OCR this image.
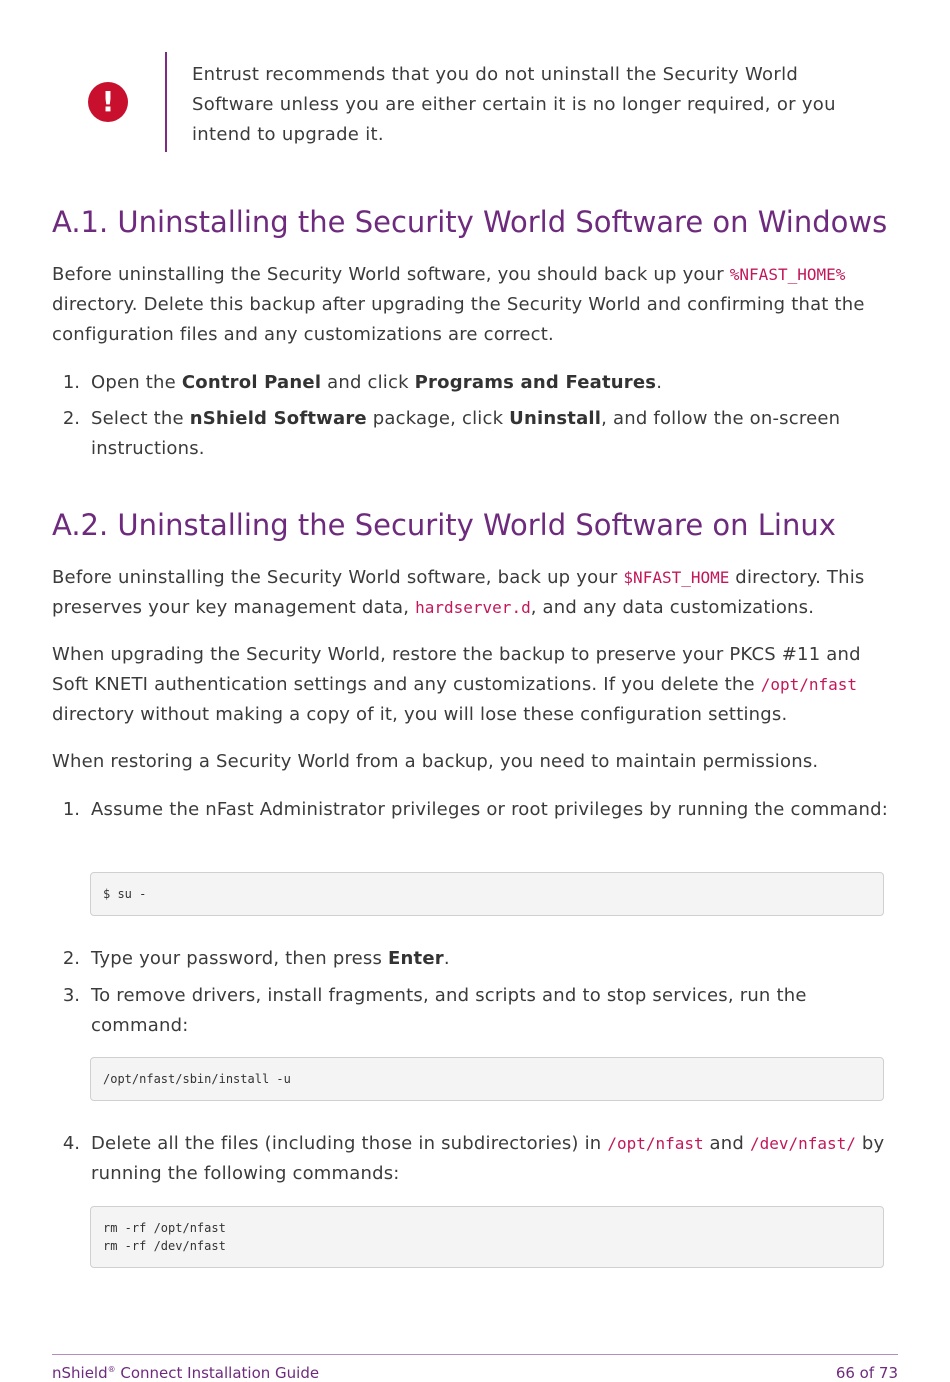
!
Entrust recommends that you do not uninstall the Security World Software unless you are either certain it is no longer required, or you intend to upgrade it.
A.1. Uninstalling the Security World Software on Windows

Before uninstalling the Security World software, you should back up your %NFAST_HOME% directory. Delete this backup after upgrading the Security World and confirming that the configuration files and any customizations are correct.

1. Open the Control Panel and click Programs and Features.
2. Select the nShield Software package, click Uninstall, and follow the on-screen instructions.
A.2. Uninstalling the Security World Software on Linux

Before uninstalling the Security World software, back up your $NFAST_HOME directory. This preserves your key management data, hardserver.d, and any data customizations.

When upgrading the Security World, restore the backup to preserve your PKCS #11 and Soft KNETI authentication settings and any customizations. If you delete the /opt/nfast directory without making a copy of it, you will lose these configuration settings.

When restoring a Security World from a backup, you need to maintain permissions.

1. Assume the nFast Administrator privileges or root privileges by running the command:
$ su -
2. Type your password, then press Enter.
3. To remove drivers, install fragments, and scripts and to stop services, run the command:
/opt/nfast/sbin/install -u
4. Delete all the files (including those in subdirectories) in /opt/nfast and /dev/nfast/ by running the following commands:
rm -rf /opt/nfast
rm -rf /dev/nfast
nShield® Connect Installation Guide	66 of 73
